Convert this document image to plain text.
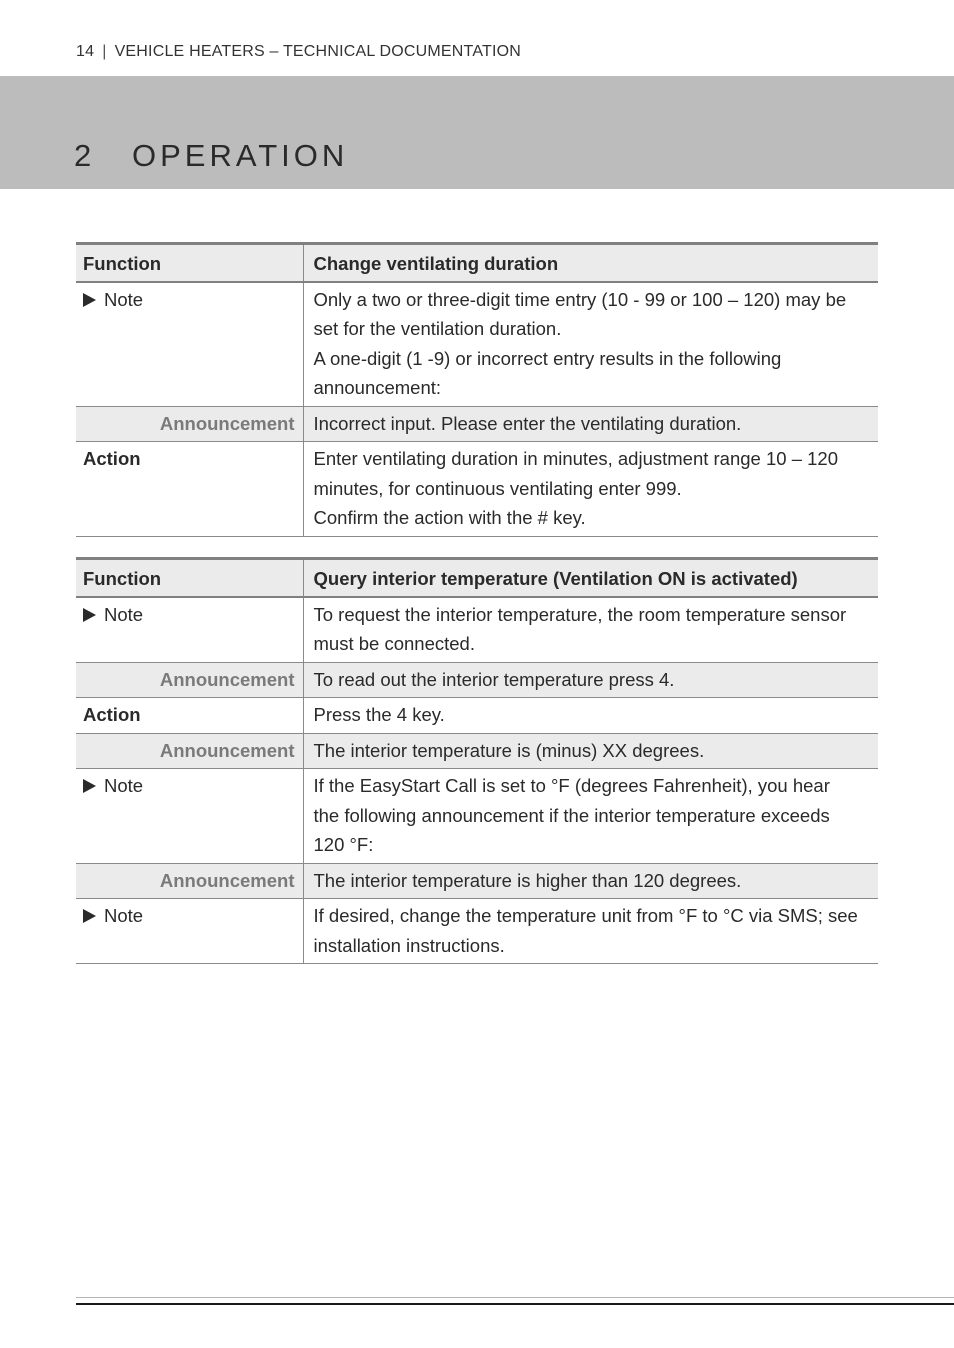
14 | VEHICLE HEATERS – TECHNICAL DOCUMENTATION
2 OPERATION
Function	Change ventilating duration
Note	Only a two or three-digit time entry (10 - 99 or 100 – 120) may be
set for the ventilation duration.
A one-digit (1 -9) or incorrect entry results in the following
announcement:

Announcement	Incorrect input. Please enter the ventilating duration.

Action	Enter ventilating duration in minutes, adjustment range 10 – 120
minutes, for continuous ventilating enter 999.
Confirm the action with the # key.
Function	Query interior temperature (Ventilation ON is activated)
Note	To request the interior temperature, the room temperature sensor
must be connected.

Announcement	To read out the interior temperature press 4.

Action	Press the 4 key.

Announcement	The interior temperature is (minus) XX degrees.

Note	If the EasyStart Call is set to °F (degrees Fahrenheit), you hear
the following announcement if the interior temperature exceeds
120 °F:

Announcement	The interior temperature is higher than 120 degrees.

Note	If desired, change the temperature unit from °F to °C via SMS; see
installation instructions.
